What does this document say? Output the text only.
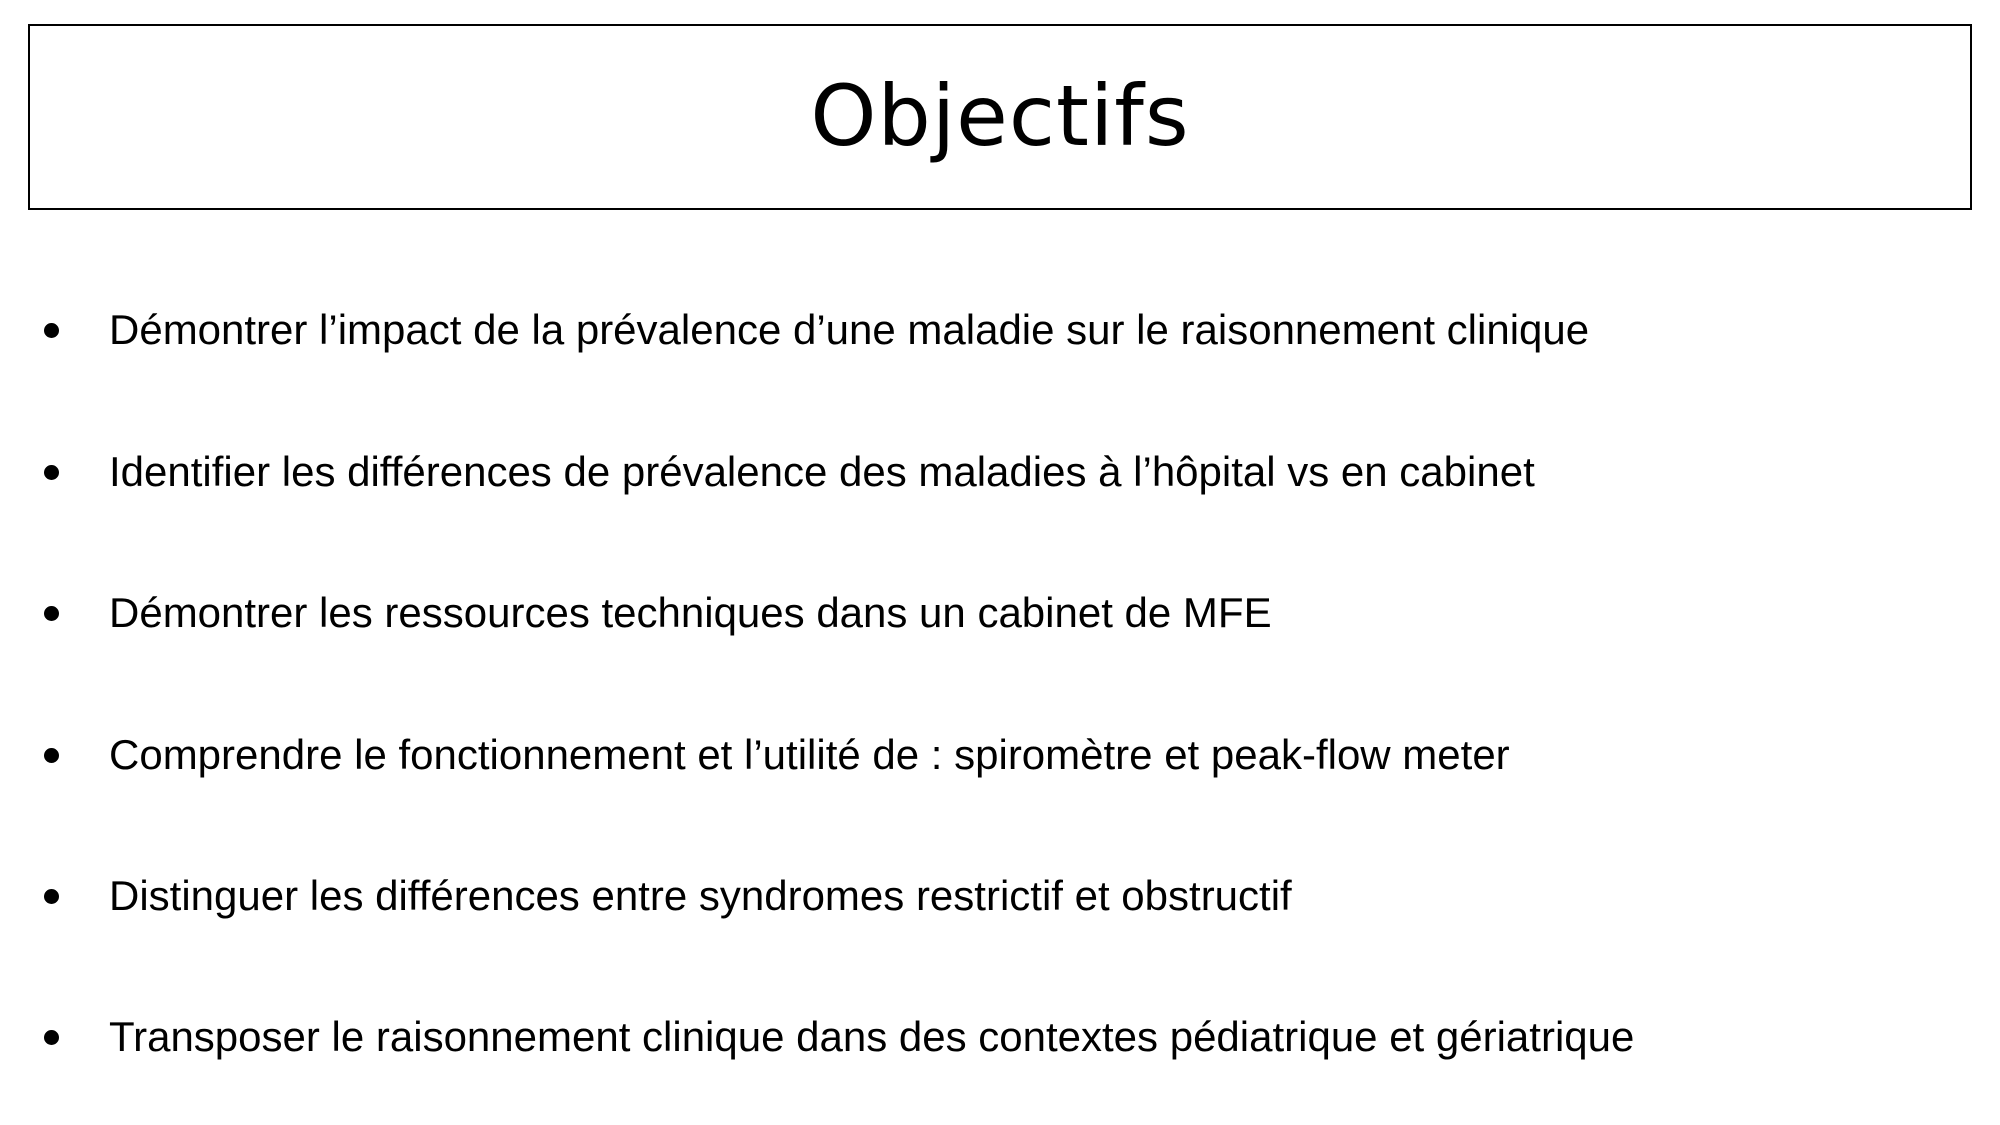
Objectifs
Démontrer l’impact de la prévalence d’une maladie sur le raisonnement clinique
Identifier les différences de prévalence des maladies à l’hôpital vs en cabinet
Démontrer les ressources techniques dans un cabinet de MFE
Comprendre le fonctionnement et l’utilité de : spiromètre et peak-flow meter
Distinguer les différences entre syndromes restrictif et obstructif
Transposer le raisonnement clinique dans des contextes pédiatrique et gériatrique
